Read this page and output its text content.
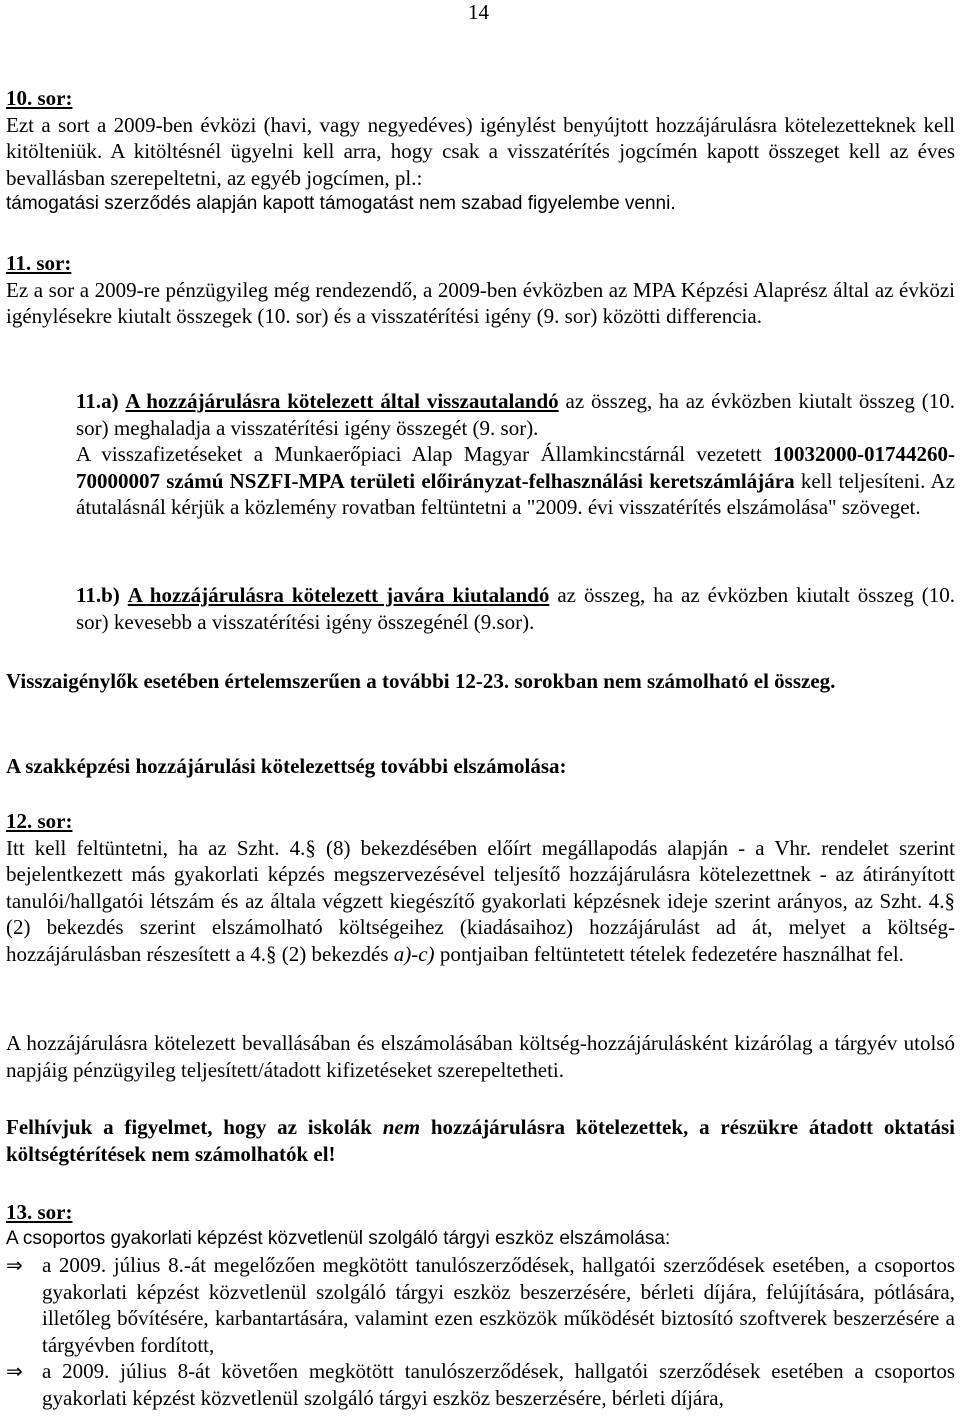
14

10. sor:

Ezt a sort a 2009-ben évközi (havi, vagy negyedéves) igénylést benyújtott hozzájárulásra kötelezetteknek kell kitölteniük. A kitöltésnél ügyelni kell arra, hogy csak a visszatérítés jogcímén kapott összeget kell az éves bevallásban szerepeltetni, az egyéb jogcímen, pl.:

támogatási szerződés alapján kapott támogatást nem szabad figyelembe venni.

11. sor:

Ez a sor a 2009-re pénzügyileg még rendezendő, a 2009-ben évközben az MPA Képzési Alaprész által az évközi igénylésekre kiutalt összegek (10. sor) és a visszatérítési igény (9. sor) közötti differencia.

11.a) A hozzájárulásra kötelezett által visszautalandó az összeg, ha az évközben kiutalt összeg (10. sor) meghaladja a visszatérítési igény összegét (9. sor).

A visszafizetéseket a Munkaerőpiaci Alap Magyar Államkincstárnál vezetett 10032000-01744260-70000007 számú NSZFI-MPA területi előirányzat-felhasználási keretszámlájára kell teljesíteni. Az átutalásnál kérjük a közlemény rovatban feltüntetni a "2009. évi visszatérítés elszámolása" szöveget.

11.b) A hozzájárulásra kötelezett javára kiutalandó az összeg, ha az évközben kiutalt összeg (10. sor) kevesebb a visszatérítési igény összegénél (9.sor).

Visszaigénylők esetében értelemszerűen a további 12-23. sorokban nem számolható el összeg.

A szakképzési hozzájárulási kötelezettség további elszámolása:

12. sor:

Itt kell feltüntetni, ha az Szht. 4.§ (8) bekezdésében előírt megállapodás alapján - a Vhr. rendelet szerint bejelentkezett más gyakorlati képzés megszervezésével teljesítő hozzájárulásra kötelezettnek - az átirányított tanulói/hallgatói létszám és az általa végzett kiegészítő gyakorlati képzésnek ideje szerint arányos, az Szht. 4.§ (2) bekezdés szerint elszámolható költségeihez (kiadásaihoz) hozzájárulást ad át, melyet a költség-hozzájárulásban részesített a 4.§ (2) bekezdés a)-c) pontjaiban feltüntetett tételek fedezetére használhat fel.

A hozzájárulásra kötelezett bevallásában és elszámolásában költség-hozzájárulásként kizárólag a tárgyév utolsó napjáig pénzügyileg teljesített/átadott kifizetéseket szerepeltetheti.

Felhívjuk a figyelmet, hogy az iskolák nem hozzájárulásra kötelezettek, a részükre átadott oktatási költségtérítések nem számolhatók el!

13. sor:

A csoportos gyakorlati képzést közvetlenül szolgáló tárgyi eszköz elszámolása:

⇒ a 2009. július 8.-át megelőzően megkötött tanulószerződések, hallgatói szerződések esetében, a csoportos gyakorlati képzést közvetlenül szolgáló tárgyi eszköz beszerzésére, bérleti díjára, felújítására, pótlására, illetőleg bővítésére, karbantartására, valamint ezen eszközök működését biztosító szoftverek beszerzésére a tárgyévben fordított,

⇒ a 2009. július 8-át követően megkötött tanulószerződések, hallgatói szerződések esetében a csoportos gyakorlati képzést közvetlenül szolgáló tárgyi eszköz beszerzésére, bérleti díjára,
